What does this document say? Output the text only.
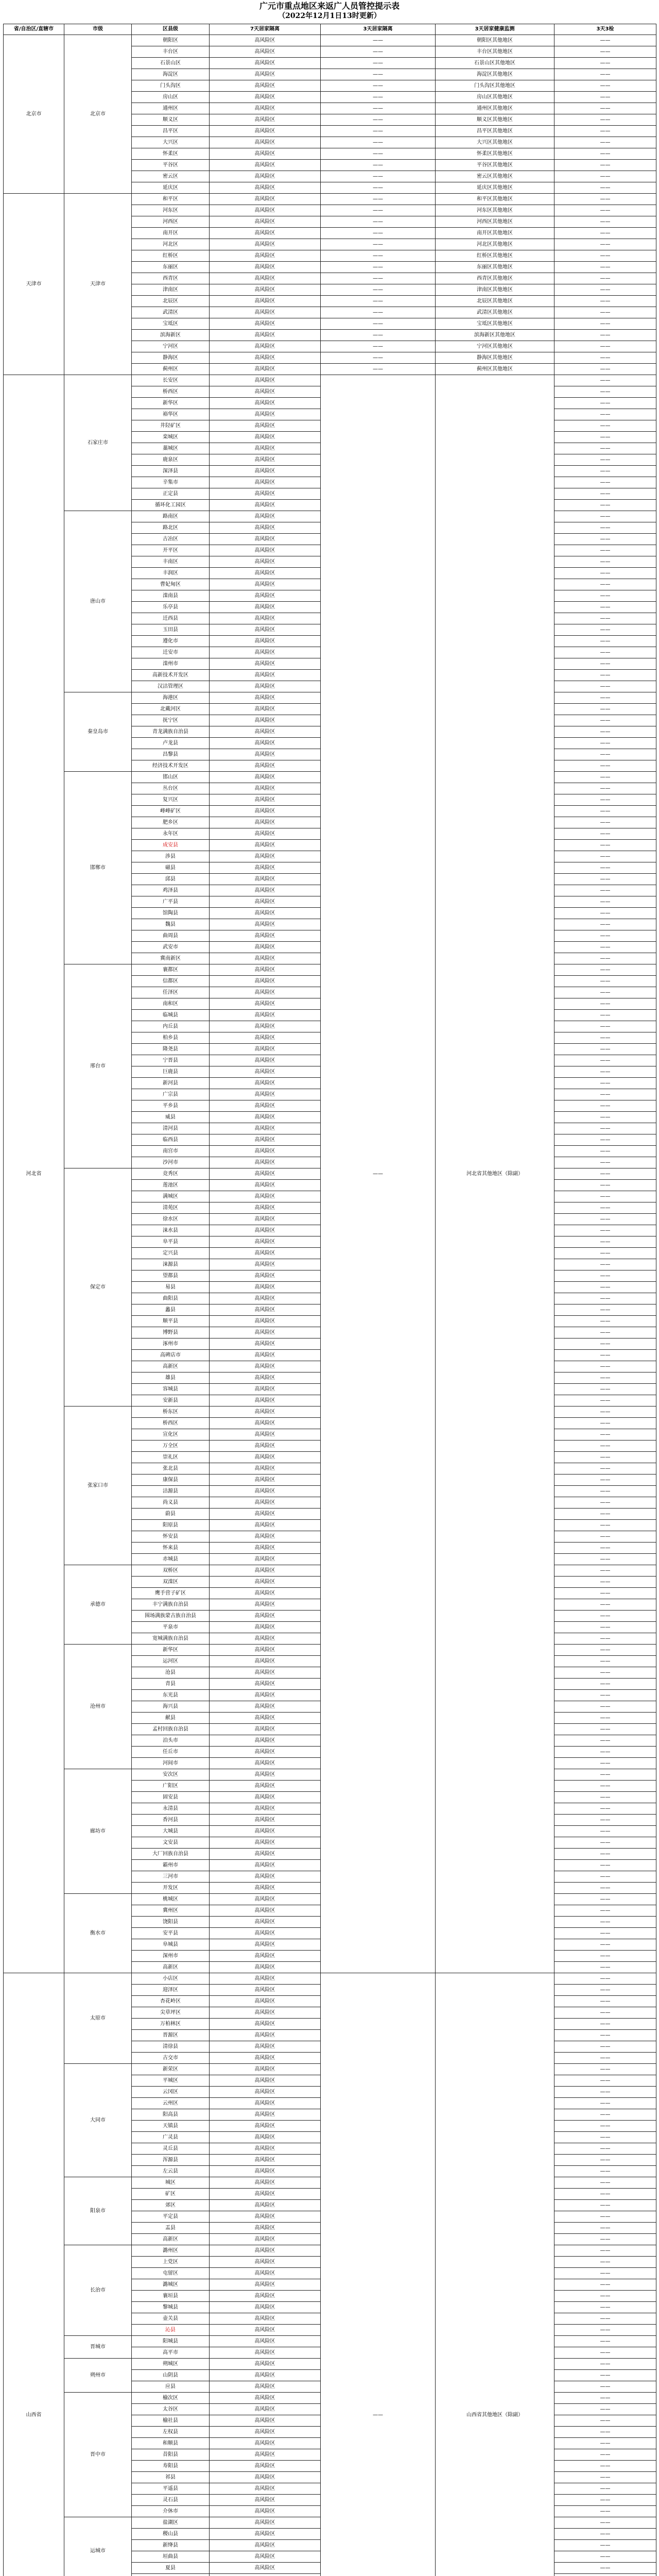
广元市重点地区来返广人员管控提示表
（2022年12月1日13时更新）
省/自治区/直辖市	市级	区县级	7天居家隔离	3天居家隔离	3天居家健康监测	3天3检
北京市	北京市	朝阳区	高风险区	——	朝阳区其他地区	——
		丰台区	高风险区	——	丰台区其他地区	——
		石景山区	高风险区	——	石景山区其他地区	——
		海淀区	高风险区	——	海淀区其他地区	——
		门头沟区	高风险区	——	门头沟区其他地区	——
		房山区	高风险区	——	房山区其他地区	——
		通州区	高风险区	——	通州区其他地区	——
		顺义区	高风险区	——	顺义区其他地区	——
		昌平区	高风险区	——	昌平区其他地区	——
		大兴区	高风险区	——	大兴区其他地区	——
		怀柔区	高风险区	——	怀柔区其他地区	——
		平谷区	高风险区	——	平谷区其他地区	——
		密云区	高风险区	——	密云区其他地区	——
		延庆区	高风险区	——	延庆区其他地区	——
天津市	天津市	和平区	高风险区	——	和平区其他地区	——
		河东区	高风险区	——	河东区其他地区	——
		河西区	高风险区	——	河西区其他地区	——
		南开区	高风险区	——	南开区其他地区	——
		河北区	高风险区	——	河北区其他地区	——
		红桥区	高风险区	——	红桥区其他地区	——
		东丽区	高风险区	——	东丽区其他地区	——
		西青区	高风险区	——	西青区其他地区	——
		津南区	高风险区	——	津南区其他地区	——
		北辰区	高风险区	——	北辰区其他地区	——
		武清区	高风险区	——	武清区其他地区	——
		宝坻区	高风险区	——	宝坻区其他地区	——
		滨海新区	高风险区	——	滨海新区其他地区	——
		宁河区	高风险区	——	宁河区其他地区	——
		静海区	高风险区	——	静海区其他地区	——
		蓟州区	高风险区	——	蓟州区其他地区	——
河北省	石家庄市	长安区	高风险区	——	河北省其他地区（除副）	——
		桥西区	高风险区			——
		新华区	高风险区			——
		裕华区	高风险区			——
		井陉矿区	高风险区			——
		栾城区	高风险区			——
		藁城区	高风险区			——
		鹿泉区	高风险区			——
		深泽县	高风险区			——
		辛集市	高风险区			——
		正定县	高风险区			——
		循环化工园区	高风险区			——
	唐山市	路南区	高风险区			——
		路北区	高风险区			——
		古冶区	高风险区			——
		开平区	高风险区			——
		丰南区	高风险区			——
		丰润区	高风险区			——
		曹妃甸区	高风险区			——
		滦南县	高风险区			——
		乐亭县	高风险区			——
		迁西县	高风险区			——
		玉田县	高风险区			——
		遵化市	高风险区			——
		迁安市	高风险区			——
		滦州市	高风险区			——
		高新技术开发区	高风险区			——
		汉沽管理区	高风险区			——
	秦皇岛市	海港区	高风险区			——
		北戴河区	高风险区			——
		抚宁区	高风险区			——
		青龙满族自治县	高风险区			——
		卢龙县	高风险区			——
		昌黎县	高风险区			——
		经济技术开发区	高风险区			——
	邯郸市	邯山区	高风险区			——
		丛台区	高风险区			——
		复兴区	高风险区			——
		峰峰矿区	高风险区			——
		肥乡区	高风险区			——
		永年区	高风险区			——
		成安县	高风险区			——
		涉县	高风险区			——
		磁县	高风险区			——
		邱县	高风险区			——
		鸡泽县	高风险区			——
		广平县	高风险区			——
		馆陶县	高风险区			——
		魏县	高风险区			——
		曲周县	高风险区			——
		武安市	高风险区			——
		冀南新区	高风险区			——
	邢台市	襄都区	高风险区			——
		信都区	高风险区			——
		任泽区	高风险区			——
		南和区	高风险区			——
		临城县	高风险区			——
		内丘县	高风险区			——
		柏乡县	高风险区			——
		隆尧县	高风险区			——
		宁晋县	高风险区			——
		巨鹿县	高风险区			——
		新河县	高风险区			——
		广宗县	高风险区			——
		平乡县	高风险区			——
		威县	高风险区			——
		清河县	高风险区			——
		临西县	高风险区			——
		南宫市	高风险区			——
		沙河市	高风险区			——
	保定市	竞秀区	高风险区			——
		莲池区	高风险区			——
		满城区	高风险区			——
		清苑区	高风险区			——
		徐水区	高风险区			——
		涞水县	高风险区			——
		阜平县	高风险区			——
		定兴县	高风险区			——
		涞源县	高风险区			——
		望都县	高风险区			——
		易县	高风险区			——
		曲阳县	高风险区			——
		蠡县	高风险区			——
		顺平县	高风险区			——
		博野县	高风险区			——
		涿州市	高风险区			——
		高碑店市	高风险区			——
		高新区	高风险区			——
		雄县	高风险区			——
		容城县	高风险区			——
		安新县	高风险区			——
	张家口市	桥东区	高风险区			——
		桥西区	高风险区			——
		宣化区	高风险区			——
		万全区	高风险区			——
		崇礼区	高风险区			——
		张北县	高风险区			——
		康保县	高风险区			——
		沽源县	高风险区			——
		尚义县	高风险区			——
		蔚县	高风险区			——
		阳原县	高风险区			——
		怀安县	高风险区			——
		怀来县	高风险区			——
		赤城县	高风险区			——
	承德市	双桥区	高风险区			——
		双滦区	高风险区			——
		鹰手营子矿区	高风险区			——
		丰宁满族自治县	高风险区			——
		围场满族蒙古族自治县	高风险区			——
		平泉市	高风险区			——
		宽城满族自治县	高风险区			——
	沧州市	新华区	高风险区			——
		运河区	高风险区			——
		沧县	高风险区			——
		青县	高风险区			——
		东光县	高风险区			——
		海兴县	高风险区			——
		献县	高风险区			——
		孟村回族自治县	高风险区			——
		泊头市	高风险区			——
		任丘市	高风险区			——
		河间市	高风险区			——
	廊坊市	安次区	高风险区			——
		广阳区	高风险区			——
		固安县	高风险区			——
		永清县	高风险区			——
		香河县	高风险区			——
		大城县	高风险区			——
		文安县	高风险区			——
		大厂回族自治县	高风险区			——
		霸州市	高风险区			——
		三河市	高风险区			——
		开发区	高风险区			——
	衡水市	桃城区	高风险区			——
		冀州区	高风险区			——
		饶阳县	高风险区			——
		安平县	高风险区			——
		阜城县	高风险区			——
		深州市	高风险区			——
		高新区	高风险区			——
山西省	太原市	小店区	高风险区	——	山西省其他地区（除副）	——
		迎泽区	高风险区			——
		杏花岭区	高风险区			——
		尖草坪区	高风险区			——
		万柏林区	高风险区			——
		晋源区	高风险区			——
		清徐县	高风险区			——
		古交市	高风险区			——
	大同市	新荣区	高风险区			——
		平城区	高风险区			——
		云冈区	高风险区			——
		云州区	高风险区			——
		阳高县	高风险区			——
		天镇县	高风险区			——
		广灵县	高风险区			——
		灵丘县	高风险区			——
		浑源县	高风险区			——
		左云县	高风险区			——
	阳泉市	城区	高风险区			——
		矿区	高风险区			——
		郊区	高风险区			——
		平定县	高风险区			——
		盂县	高风险区			——
		高新区	高风险区			——
	长治市	潞州区	高风险区			——
		上党区	高风险区			——
		屯留区	高风险区			——
		潞城区	高风险区			——
		襄垣县	高风险区			——
		黎城县	高风险区			——
		壶关县	高风险区			——
		沁县	高风险区			——
	晋城市	阳城县	高风险区			——
		高平市	高风险区			——
	朔州市	朔城区	高风险区			——
		山阴县	高风险区			——
		应县	高风险区			——
	晋中市	榆次区	高风险区			——
		太谷区	高风险区			——
		榆社县	高风险区			——
		左权县	高风险区			——
		和顺县	高风险区			——
		昔阳县	高风险区			——
		寿阳县	高风险区			——
		祁县	高风险区			——
		平遥县	高风险区			——
		灵石县	高风险区			——
		介休市	高风险区			——
	运城市	盐湖区	高风险区			——
		稷山县	高风险区			——
		新绛县	高风险区			——
		垣曲县	高风险区			——
		夏县	高风险区			——
